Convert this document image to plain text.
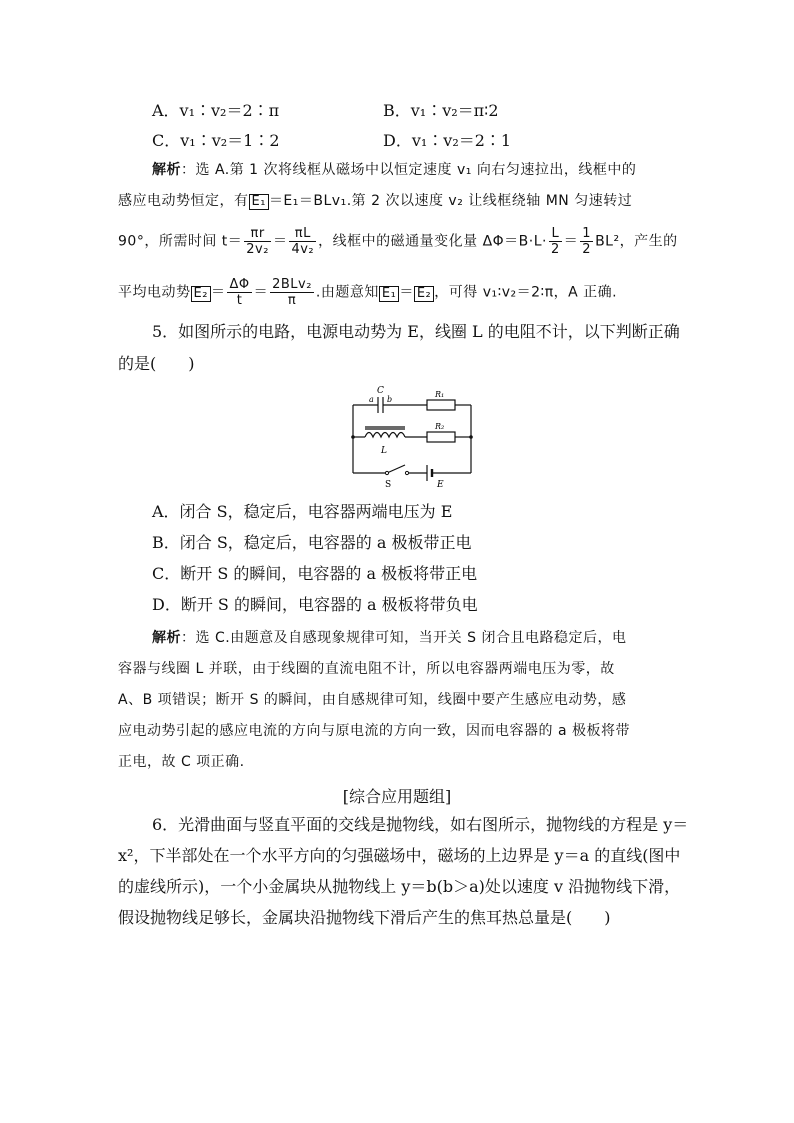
A．v₁∶v₂＝2∶π	B．v₁∶v₂＝π∶2
C．v₁∶v₂＝1∶2	D．v₁∶v₂＝2∶1
解析：选 A.第 1 次将线框从磁场中以恒定速度 v₁ 向右匀速拉出，线框中的
感应电动势恒定，有 E₁ ＝E₁＝BLv₁.第 2 次以速度 v₂ 让线框绕轴 MN 匀速转过
90°，所需时间 $t= \frac{\pi r}{\text{2v₂}} = \frac{\pi L}{\text{4v₂}}$ ，线框中的磁通量变化量 $\Delta\Phi=B\cdot L\cdot \frac{L}{2} = \frac{1}{2} BL^2$，产生的
平均电动势 $E_2 = \frac{\Delta\Phi}{t} = \frac{\text{2BLv₂}}{\pi}$ .由题意知 E₁ ＝ E₂ ，可得 v₁∶v₂＝2∶π，A 正确.
5．如图所示的电路，电源电动势为 E，线圈 L 的电阻不计，以下判断正确
的是(　　)
C
a b
R₁
R₂
L
S	E
A．闭合 S，稳定后，电容器两端电压为 E
B．闭合 S，稳定后，电容器的 a 极板带正电
C．断开 S 的瞬间，电容器的 a 极板将带正电
D．断开 S 的瞬间，电容器的 a 极板将带负电
解析：选 C.由题意及自感现象规律可知，当开关 S 闭合且电路稳定后，电
容器与线圈 L 并联，由于线圈的直流电阻不计，所以电容器两端电压为零，故
A、B 项错误；断开 S 的瞬间，由自感规律可知，线圈中要产生感应电动势，感
应电动势引起的感应电流的方向与原电流的方向一致，因而电容器的 a 极板将带
正电，故 C 项正确.
[综合应用题组]
6．光滑曲面与竖直平面的交线是抛物线，如右图所示，抛物线的方程是 y＝
x²，下半部处在一个水平方向的匀强磁场中，磁场的上边界是 y＝a 的直线(图中
的虚线所示)，一个小金属块从抛物线上 y＝b(b＞a)处以速度 v 沿抛物线下滑，
假设抛物线足够长，金属块沿抛物线下滑后产生的焦耳热总量是(　　)
